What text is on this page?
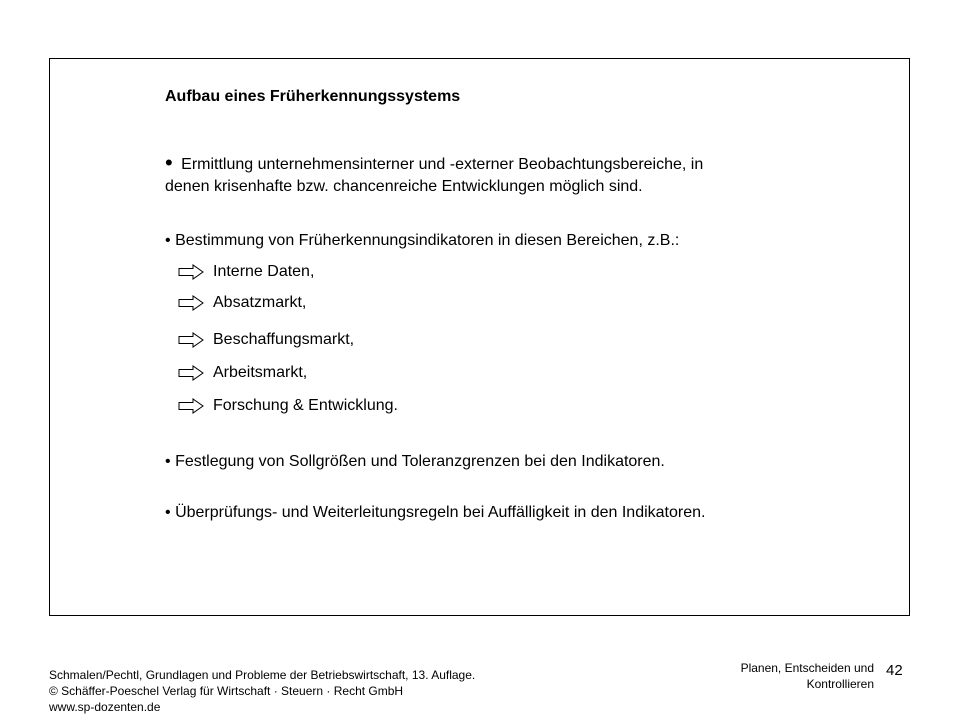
Aufbau eines Früherkennungssystems
• Ermittlung unternehmensinterner und -externer Beobachtungsbereiche, in
denen krisenhafte bzw. chancenreiche Entwicklungen möglich sind.
• Bestimmung von Früherkennungsindikatoren in diesen Bereichen, z.B.:
Interne Daten,
Absatzmarkt,
Beschaffungsmarkt,
Arbeitsmarkt,
Forschung & Entwicklung.
• Festlegung von Sollgrößen und Toleranzgrenzen bei den Indikatoren.
• Überprüfungs- und Weiterleitungsregeln bei Auffälligkeit in den Indikatoren.
Schmalen/Pechtl, Grundlagen und Probleme der Betriebswirtschaft, 13. Auflage.
© Schäffer-Poeschel Verlag für Wirtschaft · Steuern · Recht GmbH
www.sp-dozenten.de
Planen, Entscheiden und
Kontrollieren
42
